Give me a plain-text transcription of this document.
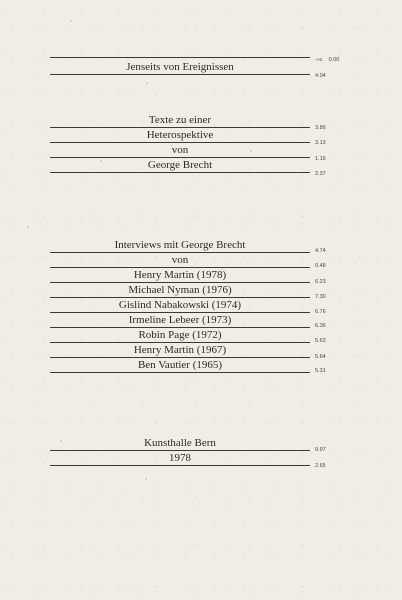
Jenseits von Ereignissen
-»c 0.00
4.04
Texte zu einer
Heterospektive
von
George Brecht
3.86
3.13
1.16
2.37
Interviews mit George Brecht
von
Henry Martin (1978)
Michael Nyman (1976)
Gislind Nabakowski (1974)
Irmeline Lebeer (1973)
Robin Page (1972)
Henry Martin (1967)
Ben Vautier (1965)
4.74
0.48
6.23
7.30
6.76
6.36
5.63
5.64
5.31
Kunsthalle Bern
1978
9.97
2.65
